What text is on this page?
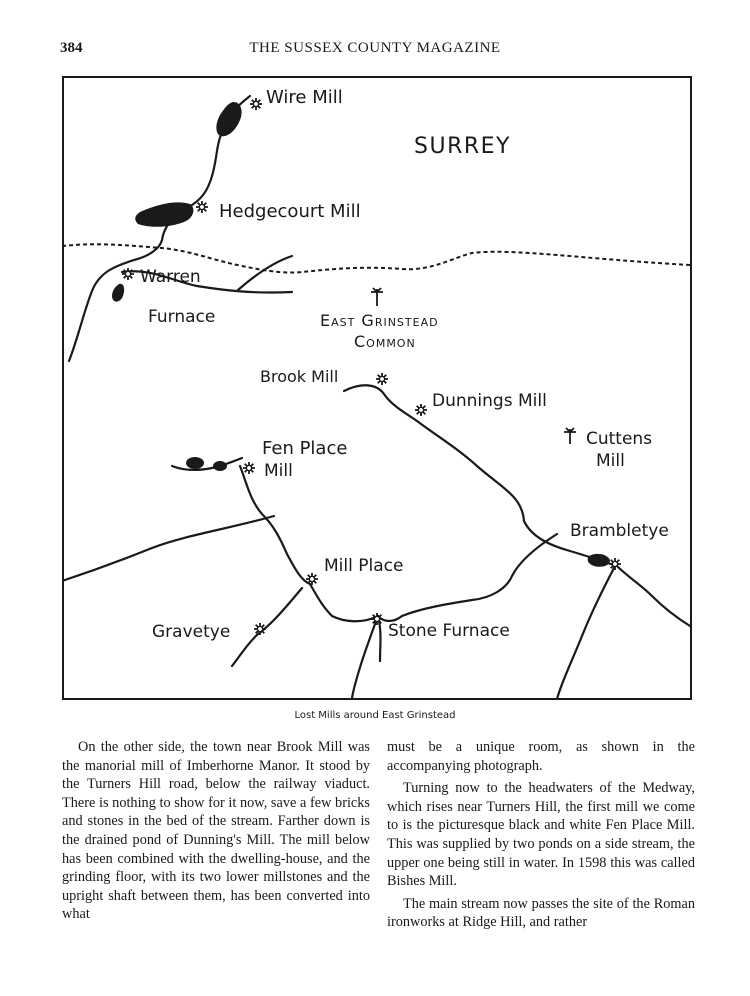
384	THE SUSSEX COUNTY MAGAZINE
Wire Mill
SURREY
Hedgecourt Mill
Warren
Furnace	East Grinstead
Common
Brook Mill
Dunnings Mill
Fen Place
Mill
Cuttens
Mill
Brambletye
Mill Place
Gravetye	Stone Furnace
Lost Mills around East Grinstead

On the other side, the town near Brook Mill was the manorial mill of Imberhorne Manor. It stood by the Turners Hill road, below the railway viaduct. There is nothing to show for it now, save a few bricks and stones in the bed of the stream. Farther down is the drained pond of Dunning's Mill. The mill below has been combined with the dwelling-house, and the grinding floor, with its two lower millstones and the upright shaft between them, has been converted into what

must be a unique room, as shown in the accompanying photograph.

Turning now to the headwaters of the Medway, which rises near Turners Hill, the first mill we come to is the picturesque black and white Fen Place Mill. This was supplied by two ponds on a side stream, the upper one being still in water. In 1598 this was called Bishes Mill.

The main stream now passes the site of the Roman ironworks at Ridge Hill, and rather
